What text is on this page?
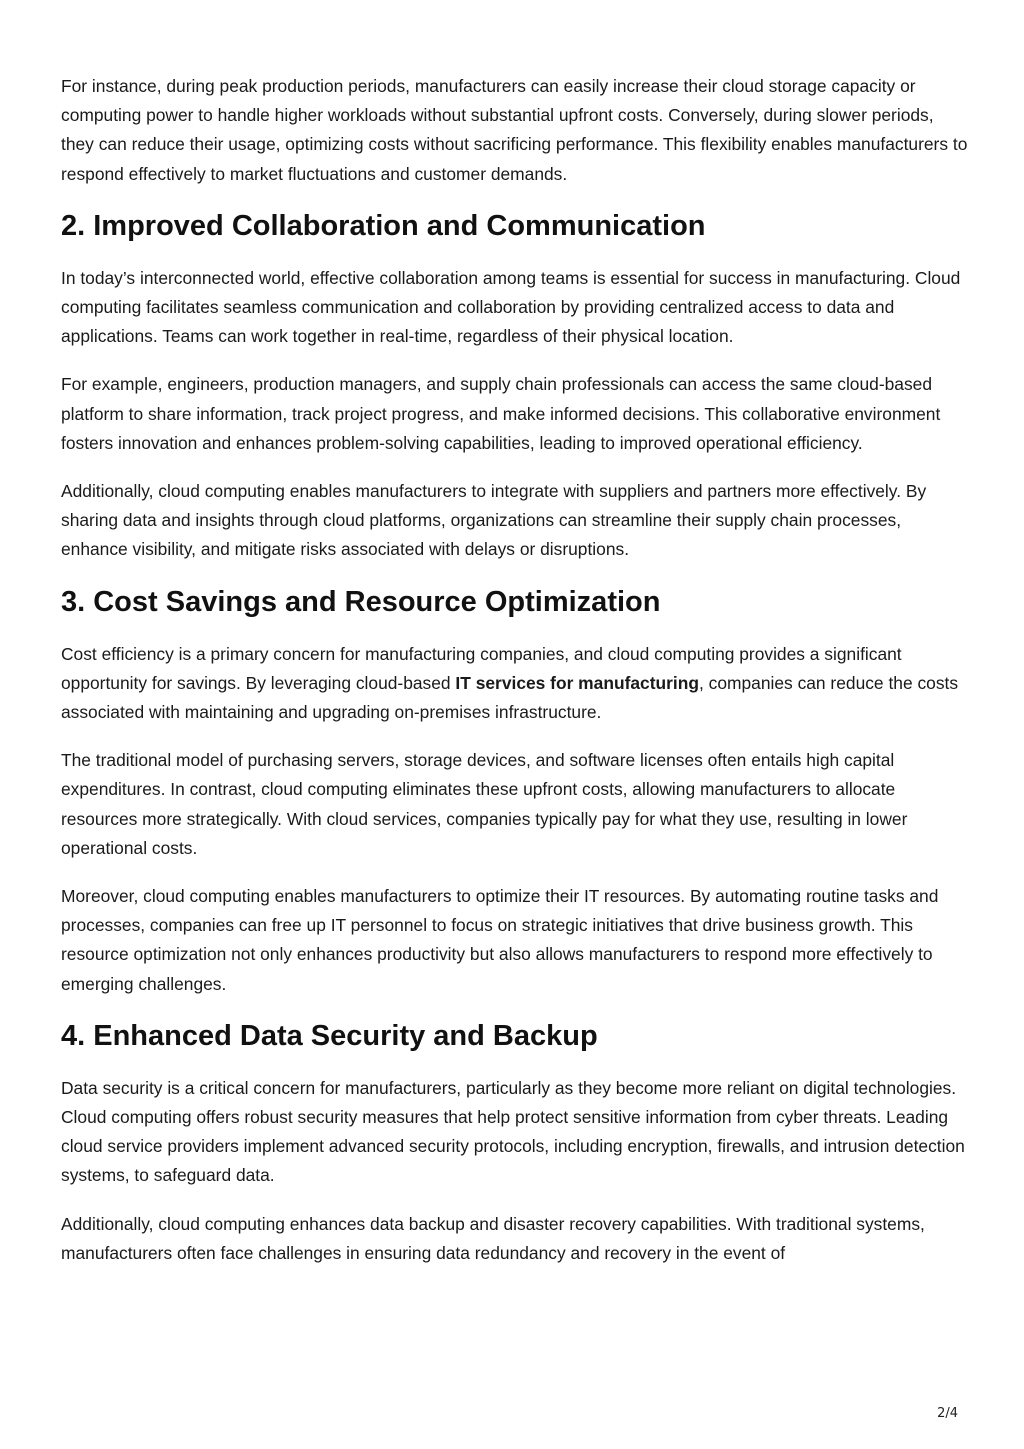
For instance, during peak production periods, manufacturers can easily increase their cloud storage capacity or computing power to handle higher workloads without substantial upfront costs. Conversely, during slower periods, they can reduce their usage, optimizing costs without sacrificing performance. This flexibility enables manufacturers to respond effectively to market fluctuations and customer demands.

2. Improved Collaboration and Communication

In today’s interconnected world, effective collaboration among teams is essential for success in manufacturing. Cloud computing facilitates seamless communication and collaboration by providing centralized access to data and applications. Teams can work together in real-time, regardless of their physical location.

For example, engineers, production managers, and supply chain professionals can access the same cloud-based platform to share information, track project progress, and make informed decisions. This collaborative environment fosters innovation and enhances problem-solving capabilities, leading to improved operational efficiency.

Additionally, cloud computing enables manufacturers to integrate with suppliers and partners more effectively. By sharing data and insights through cloud platforms, organizations can streamline their supply chain processes, enhance visibility, and mitigate risks associated with delays or disruptions.

3. Cost Savings and Resource Optimization

Cost efficiency is a primary concern for manufacturing companies, and cloud computing provides a significant opportunity for savings. By leveraging cloud-based IT services for manufacturing, companies can reduce the costs associated with maintaining and upgrading on-premises infrastructure.

The traditional model of purchasing servers, storage devices, and software licenses often entails high capital expenditures. In contrast, cloud computing eliminates these upfront costs, allowing manufacturers to allocate resources more strategically. With cloud services, companies typically pay for what they use, resulting in lower operational costs.

Moreover, cloud computing enables manufacturers to optimize their IT resources. By automating routine tasks and processes, companies can free up IT personnel to focus on strategic initiatives that drive business growth. This resource optimization not only enhances productivity but also allows manufacturers to respond more effectively to emerging challenges.

4. Enhanced Data Security and Backup

Data security is a critical concern for manufacturers, particularly as they become more reliant on digital technologies. Cloud computing offers robust security measures that help protect sensitive information from cyber threats. Leading cloud service providers implement advanced security protocols, including encryption, firewalls, and intrusion detection systems, to safeguard data.

Additionally, cloud computing enhances data backup and disaster recovery capabilities. With traditional systems, manufacturers often face challenges in ensuring data redundancy and recovery in the event of

2/4
